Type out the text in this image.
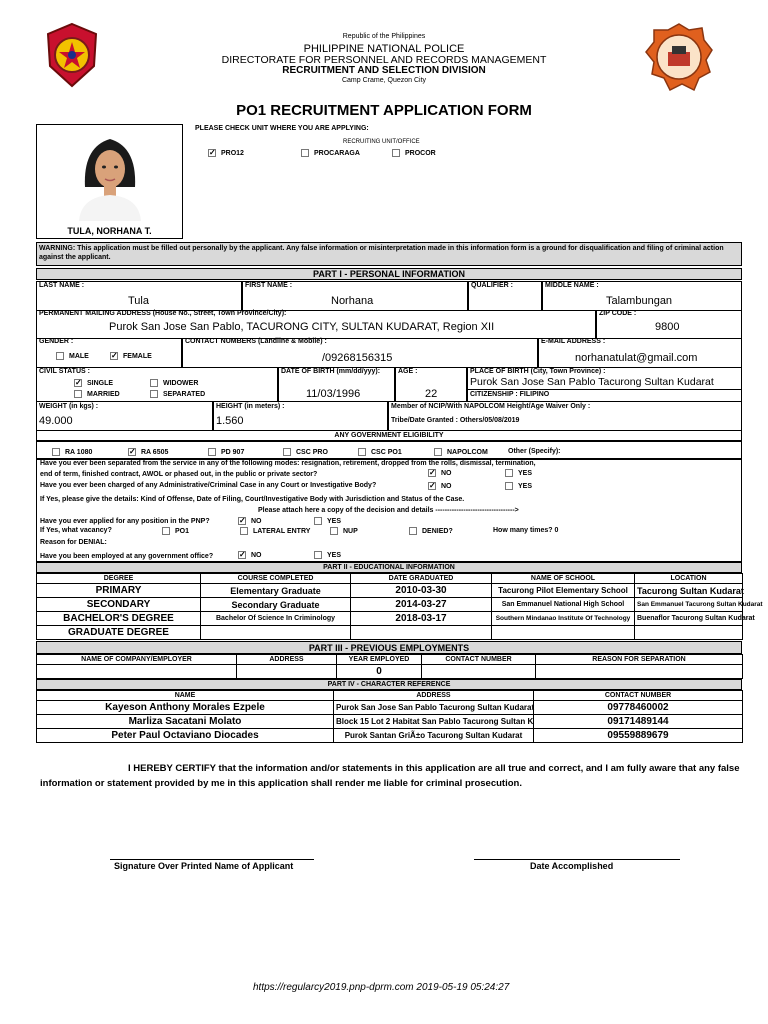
Republic of the Philippines
PHILIPPINE NATIONAL POLICE
DIRECTORATE FOR PERSONNEL AND RECORDS MANAGEMENT
RECRUITMENT AND SELECTION DIVISION
Camp Crame, Quezon City
PO1 RECRUITMENT APPLICATION FORM
TULA, NORHANA T.
PLEASE CHECK UNIT WHERE YOU ARE APPLYING:
RECRUITING UNIT/OFFICE
✓ PRO12	PROCARAGA	PROCOR
WARNING: This application must be filled out personally by the applicant. Any false information or misinterpretation made in this information form is a ground for disqualification and filing of criminal action against the applicant.
PART I - PERSONAL INFORMATION
LAST NAME :
Tula
FIRST NAME :
Norhana
QUALIFIER :	MIDDLE NAME :
Talambungan
PERMANENT MAILING ADDRESS (House No., Street, Town Province/City):
Purok San Jose San Pablo, TACURONG CITY, SULTAN KUDARAT, Region XII
ZIP CODE :
9800
GENDER :
MALE	✓ FEMALE
CONTACT NUMBERS (Landline & Mobile) :
/09268156315
E-MAIL ADDRESS :
norhanatulat@gmail.com
CIVIL STATUS :
✓ SINGLE	WIDOWER
MARRIED	SEPARATED
DATE OF BIRTH (mm/dd/yyy):
11/03/1996
AGE :
22
PLACE OF BIRTH (City, Town Province) :
Purok San Jose San Pablo Tacurong Sultan Kudarat
CITIZENSHIP : FILIPINO
WEIGHT (in kgs) :
49.000
HEIGHT (in meters) :
1.560
Member of NCIP/With NAPOLCOM Height/Age Waiver Only :
Tribe/Date Granted : Others/05/08/2019
ANY GOVERNMENT ELIGIBILITY
RA 1080	✓ RA 6505	PD 907	CSC PRO	CSC PO1	NAPOLCOM	Other (Specify):
Have you ever been separated from the service in any of the following modes: resignation, retirement, dropped from the rolls, dismissal, termination,
end of term, finished contract, AWOL or phased out, in the public or private sector?	✓ NO	YES
Have you ever been charged of any Administrative/Criminal Case in any Court or Investigative Body?	✓ NO	YES
If Yes, please give the details: Kind of Offense, Date of Filing, Court/Investigative Body with Jurisdiction and Status of the Case.
Please attach here a copy of the decision and details ---------------------------------->
Have you ever applied for any position in the PNP?	✓ NO	YES
If Yes, what vacancy?	PO1	LATERAL ENTRY	NUP	DENIED?	How many times? 0
Reason for DENIAL:
Have you been employed at any government office?	✓ NO	YES
PART II - EDUCATIONAL INFORMATION
DEGREE	COURSE COMPLETED	DATE GRADUATED	NAME OF SCHOOL	LOCATION
PRIMARY	Elementary Graduate	2010-03-30	Tacurong Pilot Elementary School	Tacurong Sultan Kudarat
SECONDARY	Secondary Graduate	2014-03-27	San Emmanuel National High School	San Emmanuel Tacurong Sultan Kudarat
BACHELOR'S DEGREE	Bachelor Of Science In Criminology	2018-03-17	Southern Mindanao Institute Of Technology	Buenaflor Tacurong Sultan Kudarat
GRADUATE DEGREE				
PART III - PREVIOUS EMPLOYMENTS
NAME OF COMPANY/EMPLOYER	ADDRESS	YEAR EMPLOYED	CONTACT NUMBER	REASON FOR SEPARATION
		0		
PART IV - CHARACTER REFERENCE
NAME	ADDRESS	CONTACT NUMBER
Kayeson Anthony Morales Ezpele	Purok San Jose San Pablo Tacurong Sultan Kudarat	09778460002
Marliza Sacatani Molato	Block 15 Lot 2 Habitat San Pablo Tacurong Sultan K	09171489144
Peter Paul Octaviano Diocades	Purok Santan GriÃ±o Tacurong Sultan Kudarat	09559889679
I HEREBY CERTIFY that the information and/or statements in this application are all true and correct, and I am fully aware that any false information or statement provided by me in this application shall render me liable for criminal prosecution.
Signature Over Printed Name of Applicant	Date Accomplished
https://regularcy2019.pnp-dprm.com 2019-05-19 05:24:27
